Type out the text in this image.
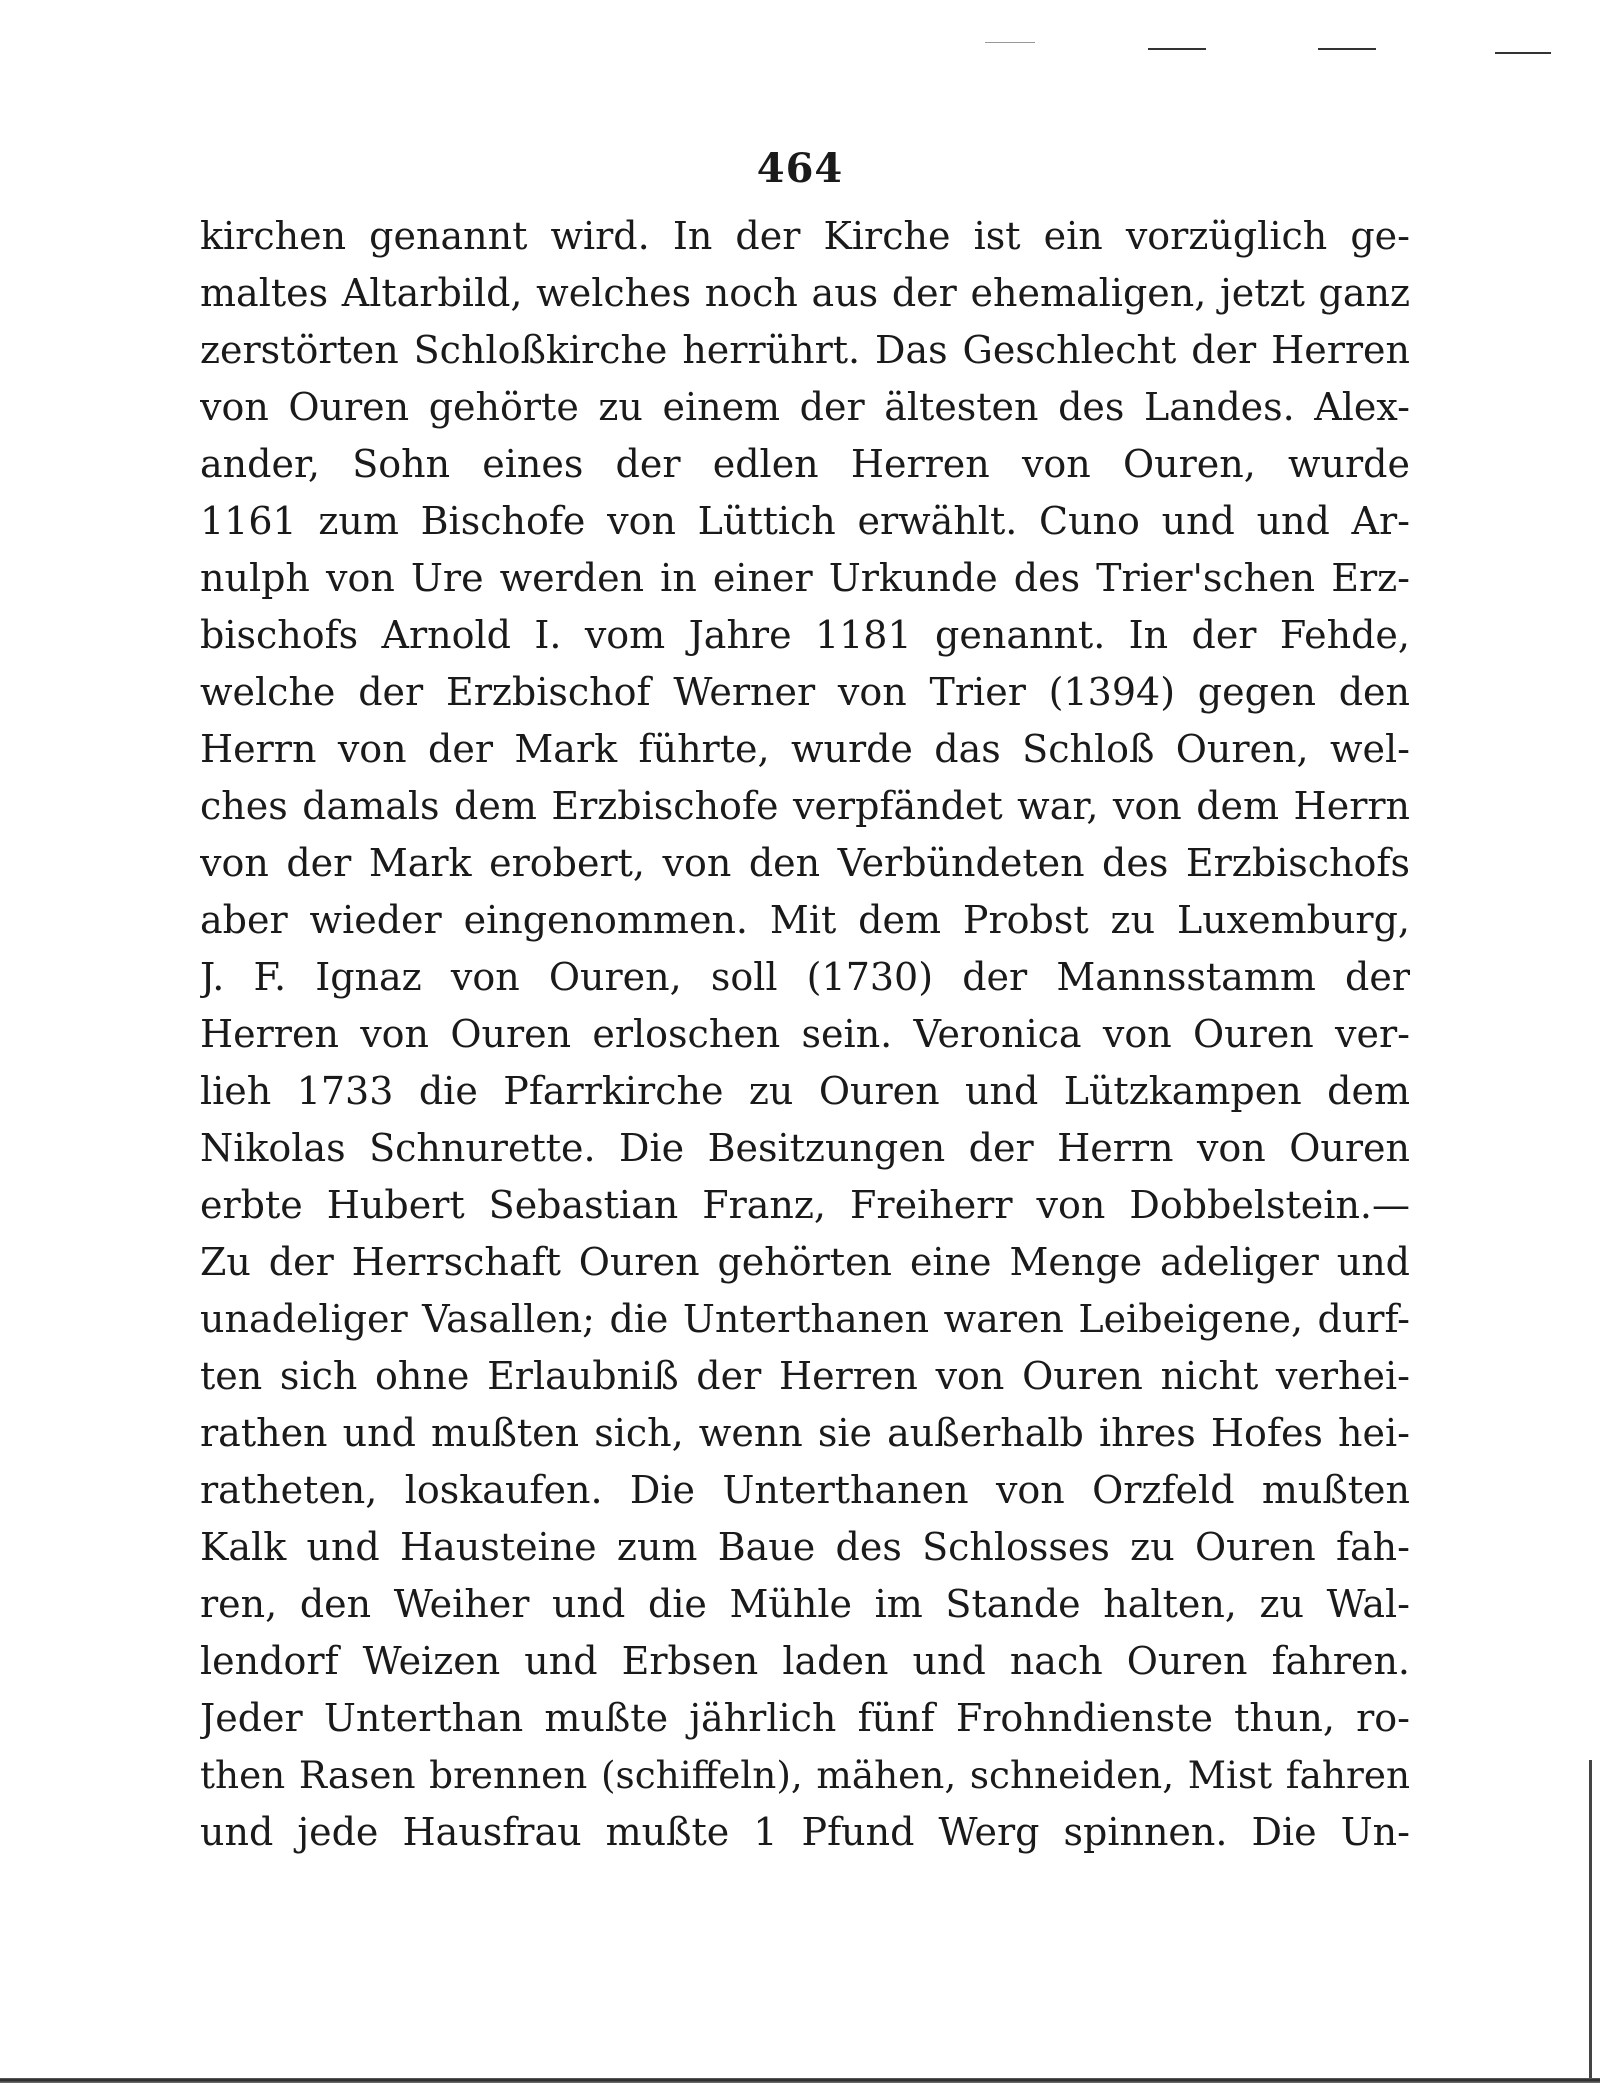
464
kirchen genannt wird. In der Kirche ist ein vorzüglich ge-
maltes Altarbild, welches noch aus der ehemaligen, jetzt ganz
zerstörten Schloßkirche herrührt. Das Geschlecht der Herren
von Ouren gehörte zu einem der ältesten des Landes. Alex-
ander, Sohn eines der edlen Herren von Ouren, wurde
1161 zum Bischofe von Lüttich erwählt. Cuno und und Ar-
nulph von Ure werden in einer Urkunde des Trier'schen Erz-
bischofs Arnold I. vom Jahre 1181 genannt. In der Fehde,
welche der Erzbischof Werner von Trier (1394) gegen den
Herrn von der Mark führte, wurde das Schloß Ouren, wel-
ches damals dem Erzbischofe verpfändet war, von dem Herrn
von der Mark erobert, von den Verbündeten des Erzbischofs
aber wieder eingenommen. Mit dem Probst zu Luxemburg,
J. F. Ignaz von Ouren, soll (1730) der Mannsstamm der
Herren von Ouren erloschen sein. Veronica von Ouren ver-
lieh 1733 die Pfarrkirche zu Ouren und Lützkampen dem
Nikolas Schnurette. Die Besitzungen der Herrn von Ouren
erbte Hubert Sebastian Franz, Freiherr von Dobbelstein.—
Zu der Herrschaft Ouren gehörten eine Menge adeliger und
unadeliger Vasallen; die Unterthanen waren Leibeigene, durf-
ten sich ohne Erlaubniß der Herren von Ouren nicht verhei-
rathen und mußten sich, wenn sie außerhalb ihres Hofes hei-
ratheten, loskaufen. Die Unterthanen von Orzfeld mußten
Kalk und Hausteine zum Baue des Schlosses zu Ouren fah-
ren, den Weiher und die Mühle im Stande halten, zu Wal-
lendorf Weizen und Erbsen laden und nach Ouren fahren.
Jeder Unterthan mußte jährlich fünf Frohndienste thun, ro-
then Rasen brennen (schiffeln), mähen, schneiden, Mist fahren
und jede Hausfrau mußte 1 Pfund Werg spinnen. Die Un-
